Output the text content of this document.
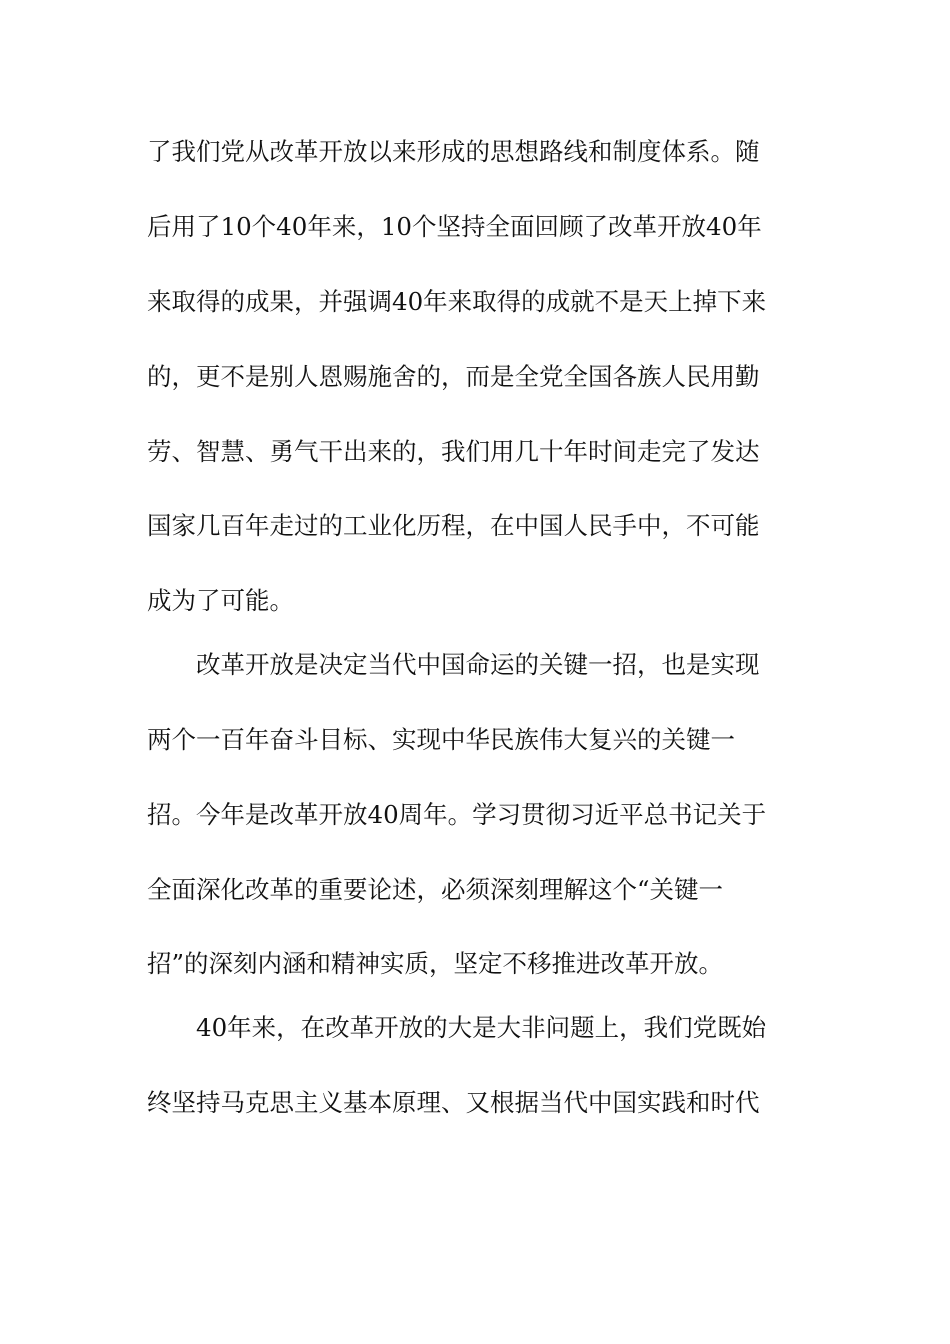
了我们党从改革开放以来形成的思想路线和制度体系。随
后用了10个40年来，10个坚持全面回顾了改革开放40年
来取得的成果，并强调40年来取得的成就不是天上掉下来
的，更不是别人恩赐施舍的，而是全党全国各族人民用勤
劳、智慧、勇气干出来的，我们用几十年时间走完了发达
国家几百年走过的工业化历程，在中国人民手中，不可能
成为了可能。
改革开放是决定当代中国命运的关键一招，也是实现
两个一百年奋斗目标、实现中华民族伟大复兴的关键一
招。今年是改革开放40周年。学习贯彻习近平总书记关于
全面深化改革的重要论述，必须深刻理解这个“关键一
招”的深刻内涵和精神实质，坚定不移推进改革开放。
40年来，在改革开放的大是大非问题上，我们党既始
终坚持马克思主义基本原理、又根据当代中国实践和时代
